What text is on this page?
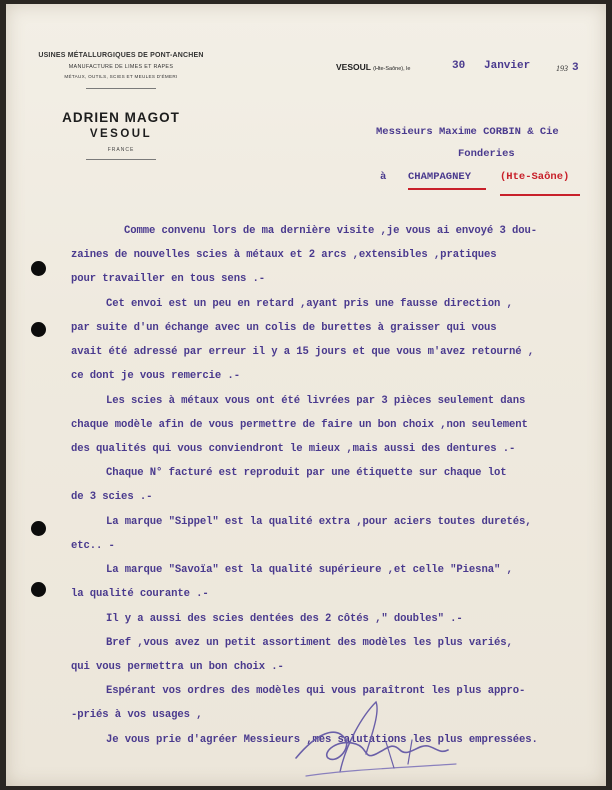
USINES MÉTALLURGIQUES DE PONT-ANCHEN
MANUFACTURE DE LIMES ET RAPES
MÉTAUX, OUTILS, SCIES ET MEULES D'ÉMERI
ADRIEN MAGOT
VESOUL
FRANCE
VESOUL (Hte-Saône), le	30 Janvier	193 3
Messieurs Maxime CORBIN & Cie
Fonderies
à CHAMPAGNEY	(Hte-Saône)
Comme convenu lors de ma dernière visite ,je vous ai envoyé 3 dou-
zaines de nouvelles scies à métaux et 2 arcs ,extensibles ,pratiques
pour travailler en tous sens .-
Cet envoi est un peu en retard ,ayant pris une fausse direction ,
par suite d'un échange avec un colis de burettes à graisser qui vous
avait été adressé par erreur il y a 15 jours et que vous m'avez retourné ,
ce dont je vous remercie .-
Les scies à métaux vous ont été livrées par 3 pièces seulement dans
chaque modèle afin de vous permettre de faire un bon choix ,non seulement
des qualités qui vous conviendront le mieux ,mais aussi des dentures .-
Chaque N° facturé est reproduit par une étiquette sur chaque lot
de 3 scies .-
La marque "Sippel" est la qualité extra ,pour aciers toutes duretés,
etc.. -
La marque "Savoïa" est la qualité supérieure ,et celle "Piesna" ,
la qualité courante .-
Il y a aussi des scies dentées des 2 côtés ," doubles" .-
Bref ,vous avez un petit assortiment des modèles les plus variés,
qui vous permettra un bon choix .-
Espérant vos ordres des modèles qui vous paraîtront les plus appro-
-priés à vos usages ,
Je vous prie d'agréer Messieurs ,mes salutations les plus empressées.
